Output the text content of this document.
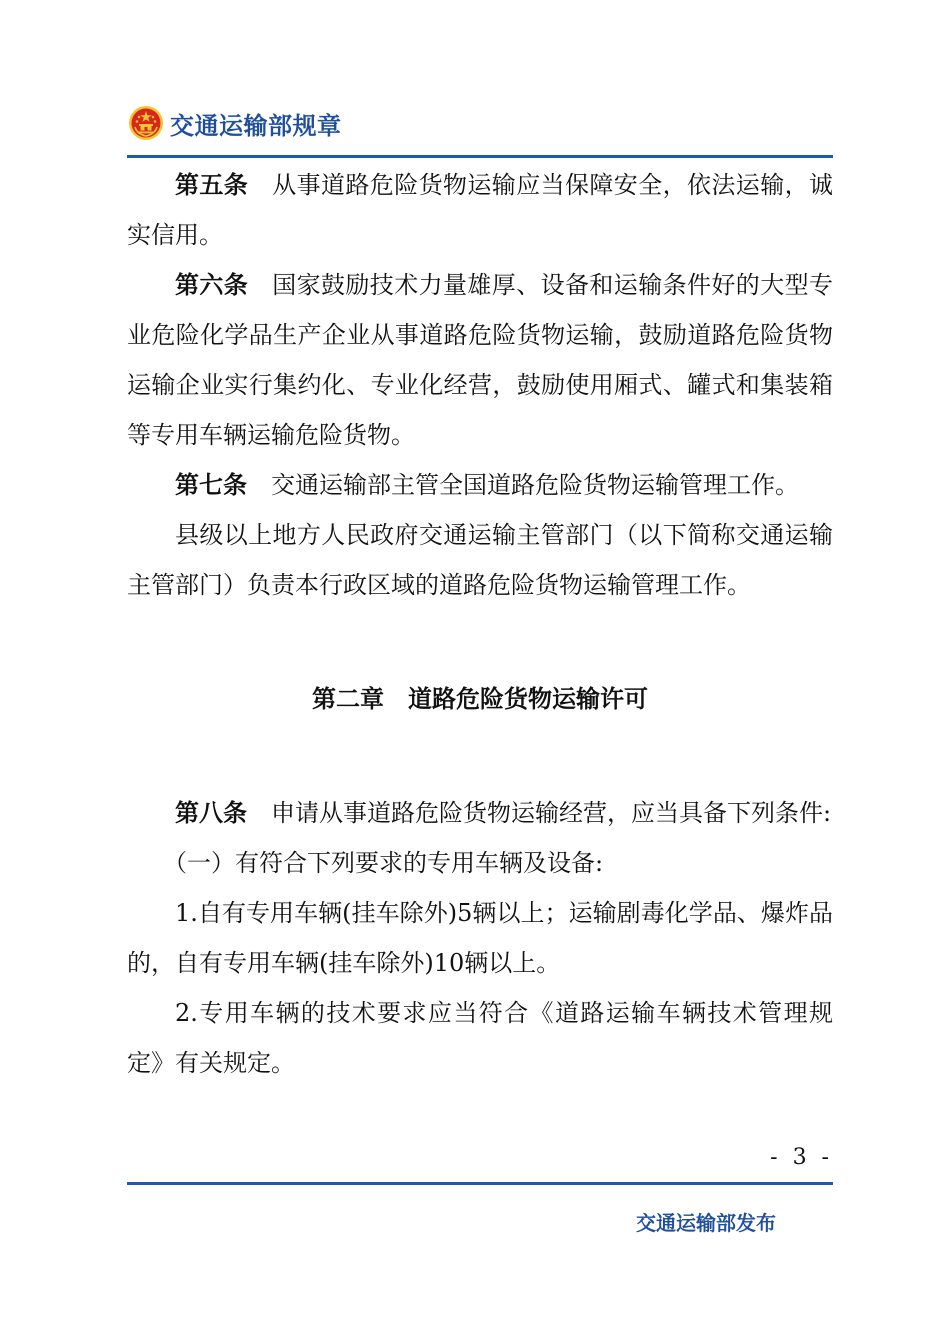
交通运输部规章

第五条 从事道路危险货物运输应当保障安全，依法运输，诚实信用。

第六条 国家鼓励技术力量雄厚、设备和运输条件好的大型专业危险化学品生产企业从事道路危险货物运输，鼓励道路危险货物运输企业实行集约化、专业化经营，鼓励使用厢式、罐式和集装箱等专用车辆运输危险货物。

第七条 交通运输部主管全国道路危险货物运输管理工作。

县级以上地方人民政府交通运输主管部门（以下简称交通运输主管部门）负责本行政区域的道路危险货物运输管理工作。

第二章 道路危险货物运输许可

第八条 申请从事道路危险货物运输经营，应当具备下列条件:

（一）有符合下列要求的专用车辆及设备:

1.自有专用车辆(挂车除外)5辆以上；运输剧毒化学品、爆炸品的，自有专用车辆(挂车除外)10辆以上。

2.专用车辆的技术要求应当符合《道路运输车辆技术管理规定》有关规定。

- 3 -
交通运输部发布
